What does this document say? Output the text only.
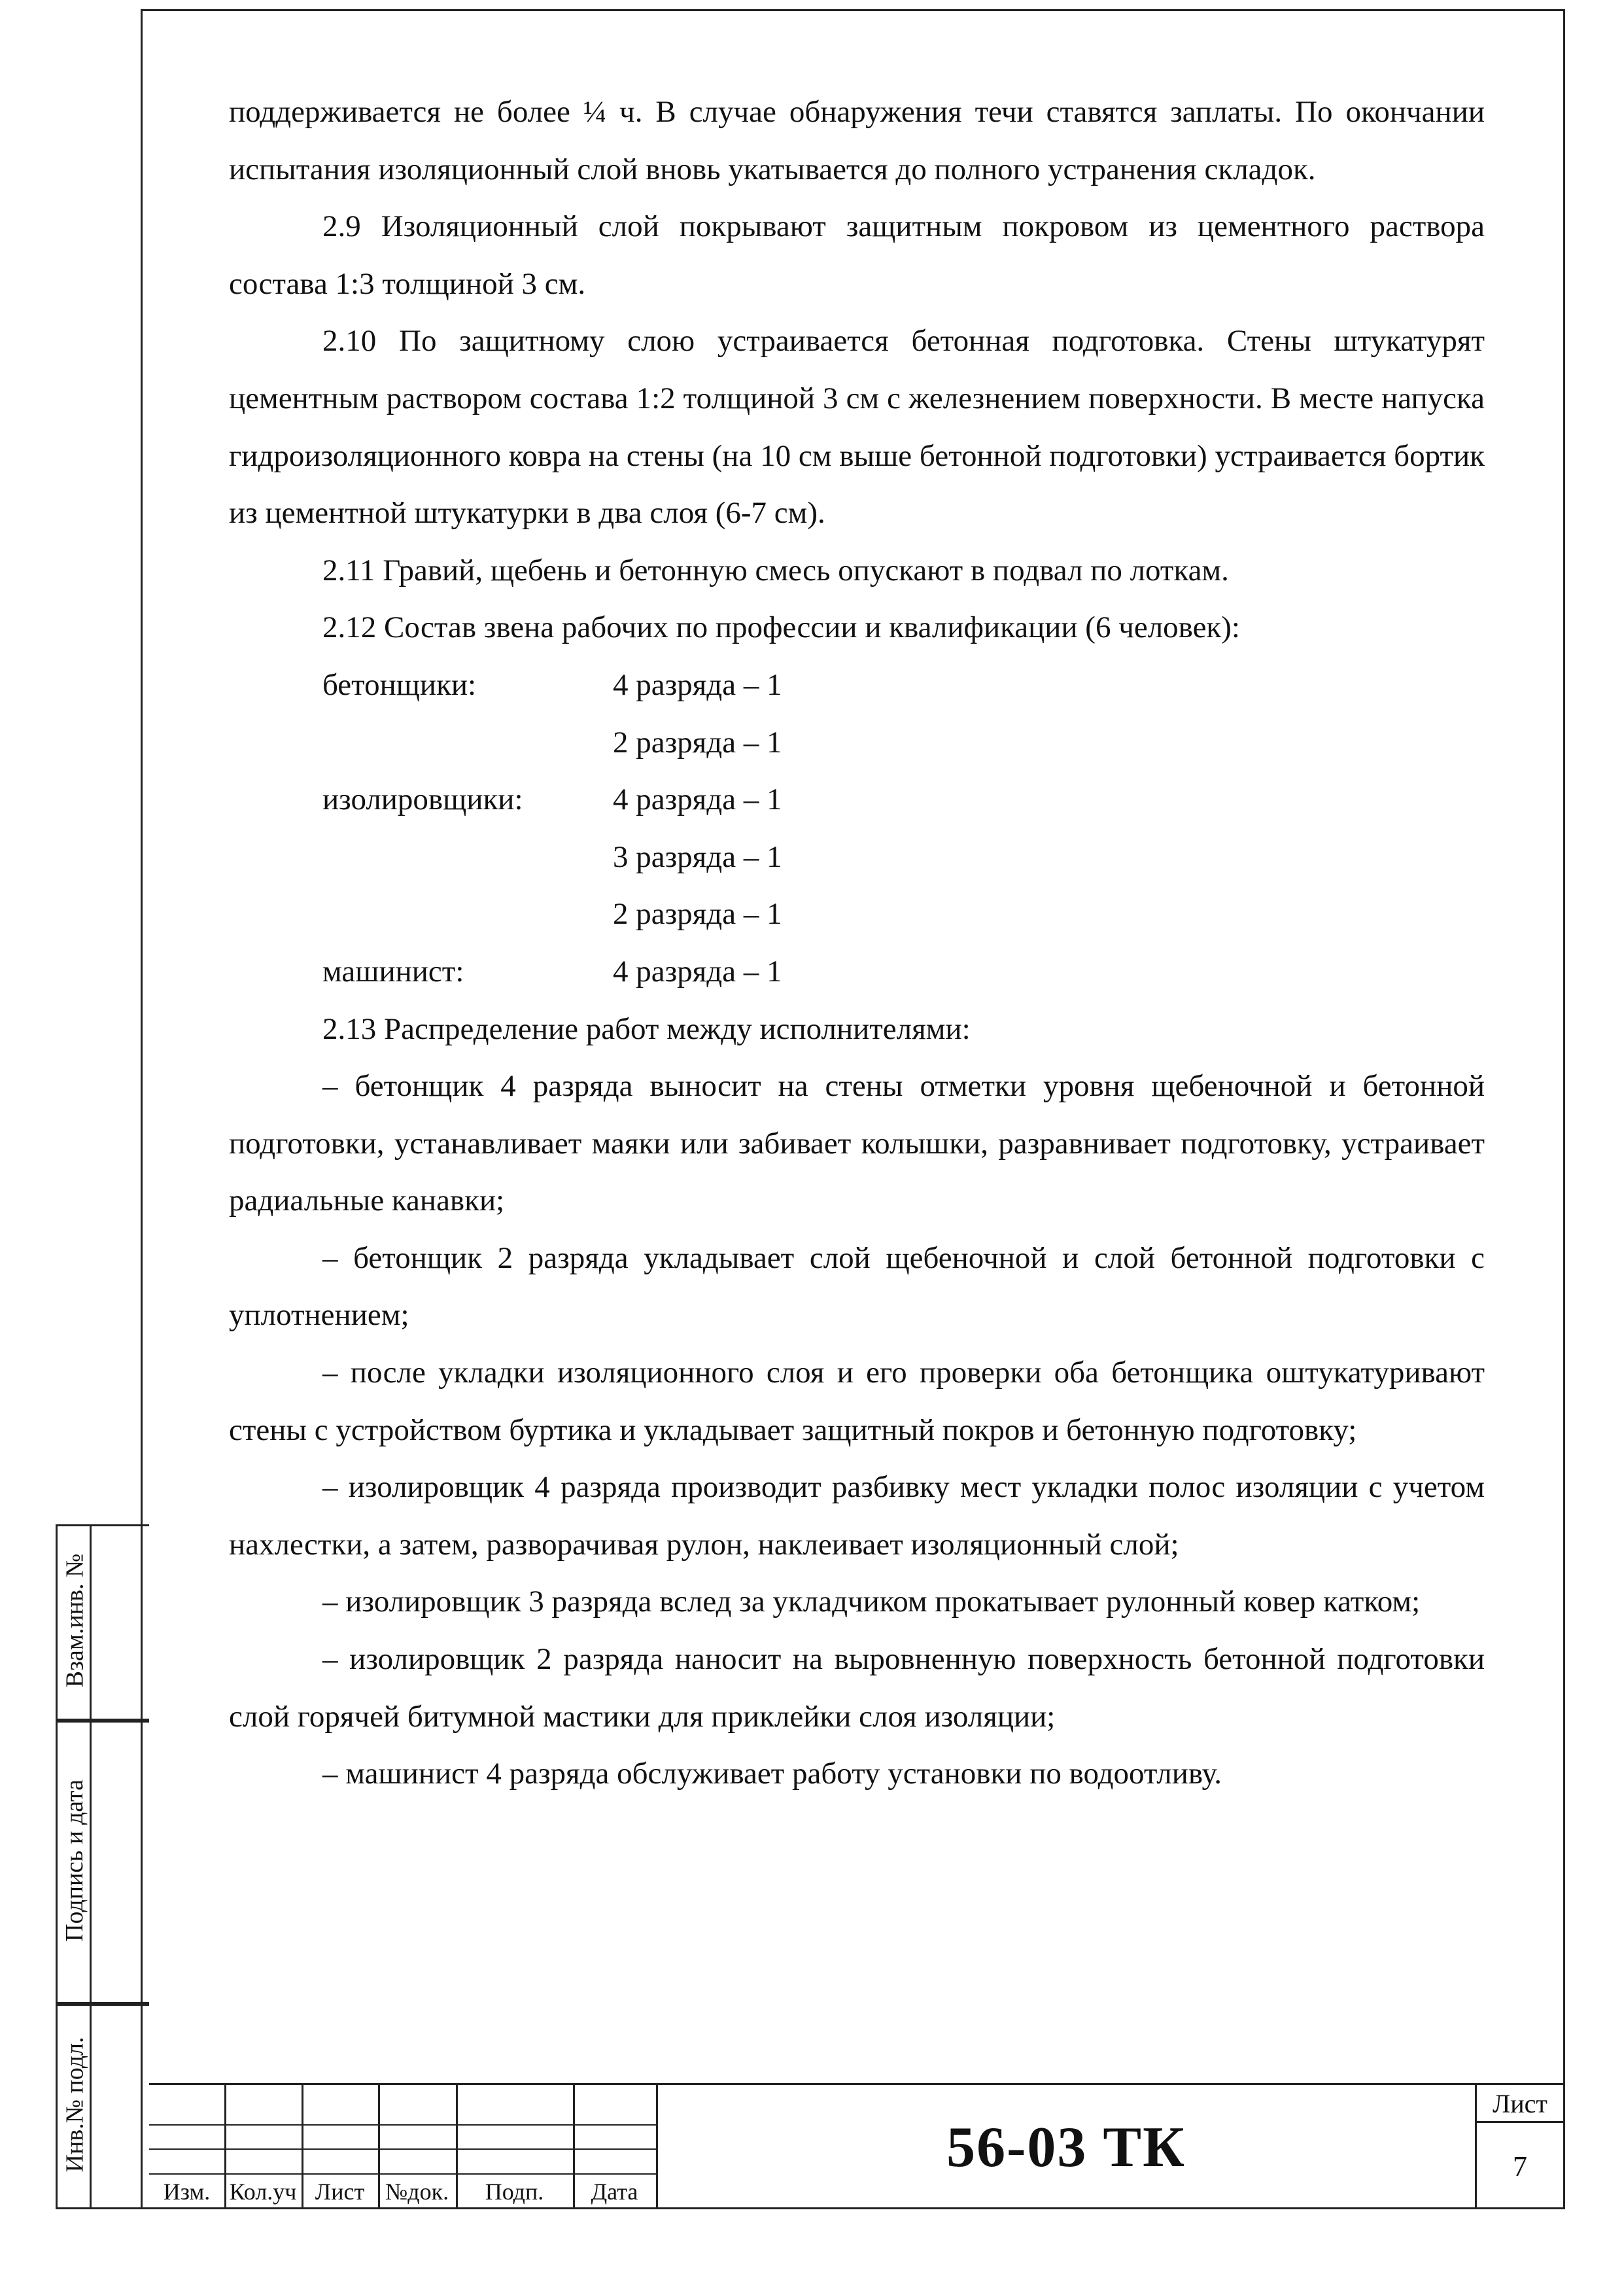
поддерживается не более ¼ ч. В случае обнаружения течи ставятся заплаты. По окончании испытания изоляционный слой вновь укатывается до полного устранения складок.

2.9 Изоляционный слой покрывают защитным покровом из цементного раствора состава 1:3 толщиной 3 см.

2.10 По защитному слою устраивается бетонная подготовка. Стены штукатурят цементным раствором состава 1:2 толщиной 3 см с железнением поверхности. В месте напуска гидроизоляционного ковра на стены (на 10 см выше бетонной подготовки) устраивается бортик из цементной штукатурки в два слоя (6-7 см).

2.11 Гравий, щебень и бетонную смесь опускают в подвал по лоткам.

2.12 Состав звена рабочих по профессии и квалификации (6 человек):

бетонщики:	4 разряда – 1
2 разряда – 1
изолировщики:	4 разряда – 1
3 разряда – 1
2 разряда – 1
машинист:	4 разряда – 1

2.13 Распределение работ между исполнителями:

– бетонщик 4 разряда выносит на стены отметки уровня щебеночной и бетонной подготовки, устанавливает маяки или забивает колышки, разравнивает подготовку, устраивает радиальные канавки;

– бетонщик 2 разряда укладывает слой щебеночной и слой бетонной подготовки с уплотнением;

– после укладки изоляционного слоя и его проверки оба бетонщика оштукатуривают стены с устройством буртика и укладывает защитный покров и бетонную подготовку;

– изолировщик 4 разряда производит разбивку мест укладки полос изоляции с учетом нахлестки, а затем, разворачивая рулон, наклеивает изоляционный слой;

– изолировщик 3 разряда вслед за укладчиком прокатывает рулонный ковер катком;

– изолировщик 2 разряда наносит на выровненную поверхность бетонной подготовки слой горячей битумной мастики для приклейки слоя изоляции;

– машинист 4 разряда обслуживает работу установки по водоотливу.

Взам.инв. №
Подпись и дата
Инв.№ подл.
Изм. Кол.уч Лист №док.	Подп.	Дата
56-03 ТК
Лист
7
